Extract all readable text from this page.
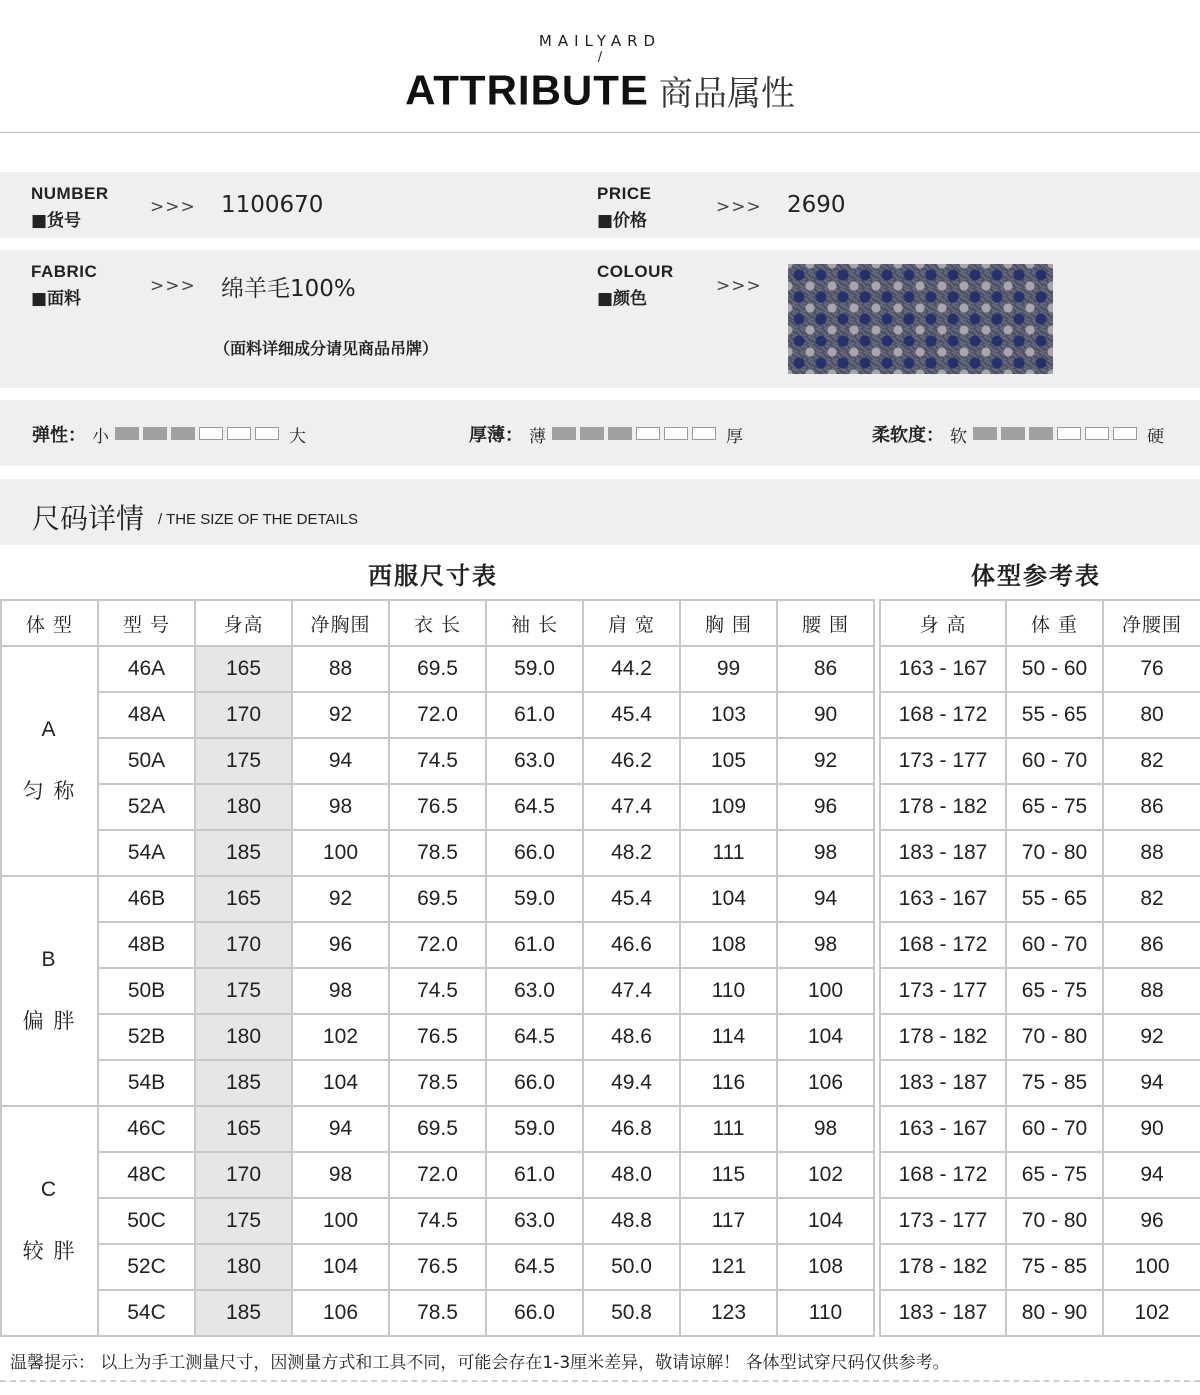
MAILYARD
/
ATTRIBUTE 商品属性
NUMBER
■货号
>>> 1100670	PRICE
■价格
>>> 2690
FABRIC
■面料
>>> 绵羊毛100%
（面料详细成分请见商品吊牌）
COLOUR
■颜色
>>>
弹性： 小	大	厚薄： 薄	厚	柔软度： 软	硬
尺码详情 / THE SIZE OF THE DETAILS
西服尺寸表	体型参考表
体 型	型 号	身高	净胸围	衣 长	袖 长	肩 宽	胸 围	腰 围

A
匀 称	46A	165	88	69.5	59.0	44.2	99	86
	48A	170	92	72.0	61.0	45.4	103	90
	50A	175	94	74.5	63.0	46.2	105	92
	52A	180	98	76.5	64.5	47.4	109	96
	54A	185	100	78.5	66.0	48.2	111	98

B
偏 胖	46B	165	92	69.5	59.0	45.4	104	94
	48B	170	96	72.0	61.0	46.6	108	98
	50B	175	98	74.5	63.0	47.4	110	100
	52B	180	102	76.5	64.5	48.6	114	104
	54B	185	104	78.5	66.0	49.4	116	106

C
较 胖	46C	165	94	69.5	59.0	46.8	111	98
	48C	170	98	72.0	61.0	48.0	115	102
	50C	175	100	74.5	63.0	48.8	117	104
	52C	180	104	76.5	64.5	50.0	121	108
	54C	185	106	78.5	66.0	50.8	123	110
身 高	体 重	净腰围
163 - 167	50 - 60	76
168 - 172	55 - 65	80
173 - 177	60 - 70	82
178 - 182	65 - 75	86
183 - 187	70 - 80	88
163 - 167	55 - 65	82
168 - 172	60 - 70	86
173 - 177	65 - 75	88
178 - 182	70 - 80	92
183 - 187	75 - 85	94
163 - 167	60 - 70	90
168 - 172	65 - 75	94
173 - 177	70 - 80	96
178 - 182	75 - 85	100
183 - 187	80 - 90	102
温馨提示： 以上为手工测量尺寸，因测量方式和工具不同，可能会存在1-3厘米差异，敬请谅解！ 各体型试穿尺码仅供参考。
